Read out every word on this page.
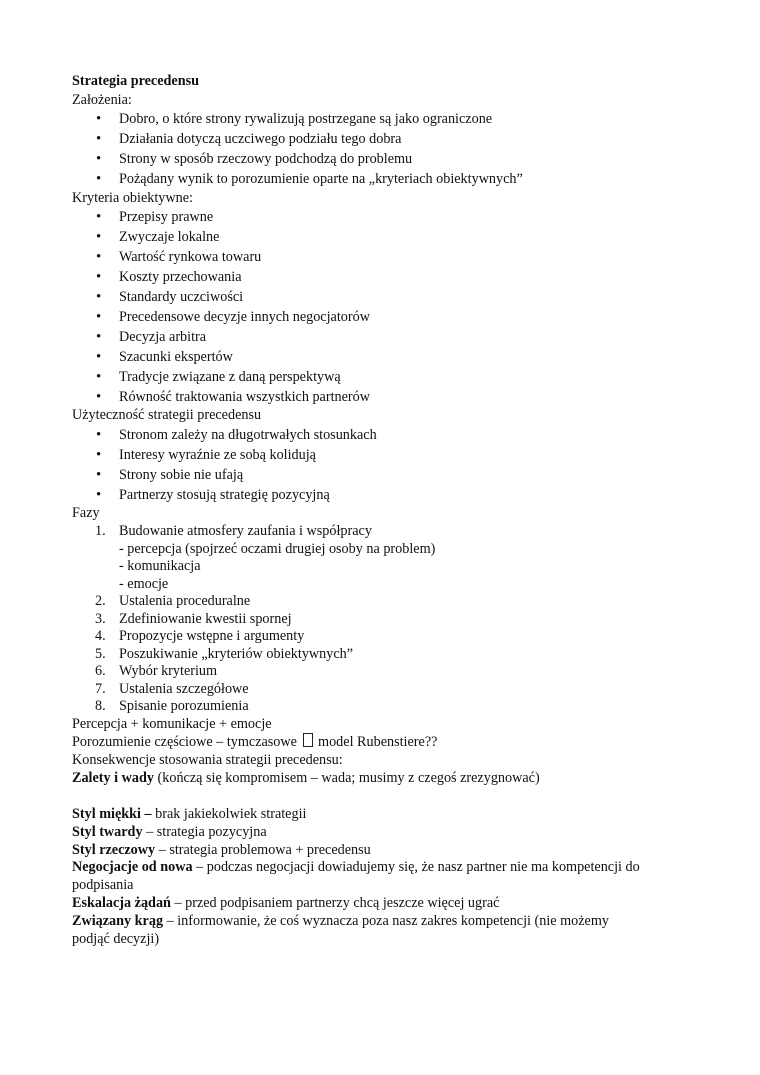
Strategia precedensu
Założenia:
• Dobro, o które strony rywalizują postrzegane są jako ograniczone
• Działania dotyczą uczciwego podziału tego dobra
• Strony w sposób rzeczowy podchodzą do problemu
• Pożądany wynik to porozumienie oparte na „kryteriach obiektywnych”
Kryteria obiektywne:
• Przepisy prawne
• Zwyczaje lokalne
• Wartość rynkowa towaru
• Koszty przechowania
• Standardy uczciwości
• Precedensowe decyzje innych negocjatorów
• Decyzja arbitra
• Szacunki ekspertów
• Tradycje związane z daną perspektywą
• Równość traktowania wszystkich partnerów
Użyteczność strategii precedensu
• Stronom zależy na długotrwałych stosunkach
• Interesy wyraźnie ze sobą kolidują
• Strony sobie nie ufają
• Partnerzy stosują strategię pozycyjną
Fazy
1. Budowanie atmosfery zaufania i współpracy
- percepcja (spojrzeć oczami drugiej osoby na problem)
- komunikacja
- emocje
2. Ustalenia proceduralne
3. Zdefiniowanie kwestii spornej
4. Propozycje wstępne i argumenty
5. Poszukiwanie „kryteriów obiektywnych”
6. Wybór kryterium
7. Ustalenia szczegółowe
8. Spisanie porozumienia
Percepcja + komunikacje + emocje
Porozumienie częściowe – tymczasowe model Rubenstiere??
Konsekwencje stosowania strategii precedensu:
Zalety i wady (kończą się kompromisem – wada; musimy z czegoś zrezygnować)
Styl miękki – brak jakiekolwiek strategii
Styl twardy – strategia pozycyjna
Styl rzeczowy – strategia problemowa + precedensu
Negocjacje od nowa – podczas negocjacji dowiadujemy się, że nasz partner nie ma kompetencji do
podpisania
Eskalacja żądań – przed podpisaniem partnerzy chcą jeszcze więcej ugrać
Związany krąg – informowanie, że coś wyznacza poza nasz zakres kompetencji (nie możemy
podjąć decyzji)
